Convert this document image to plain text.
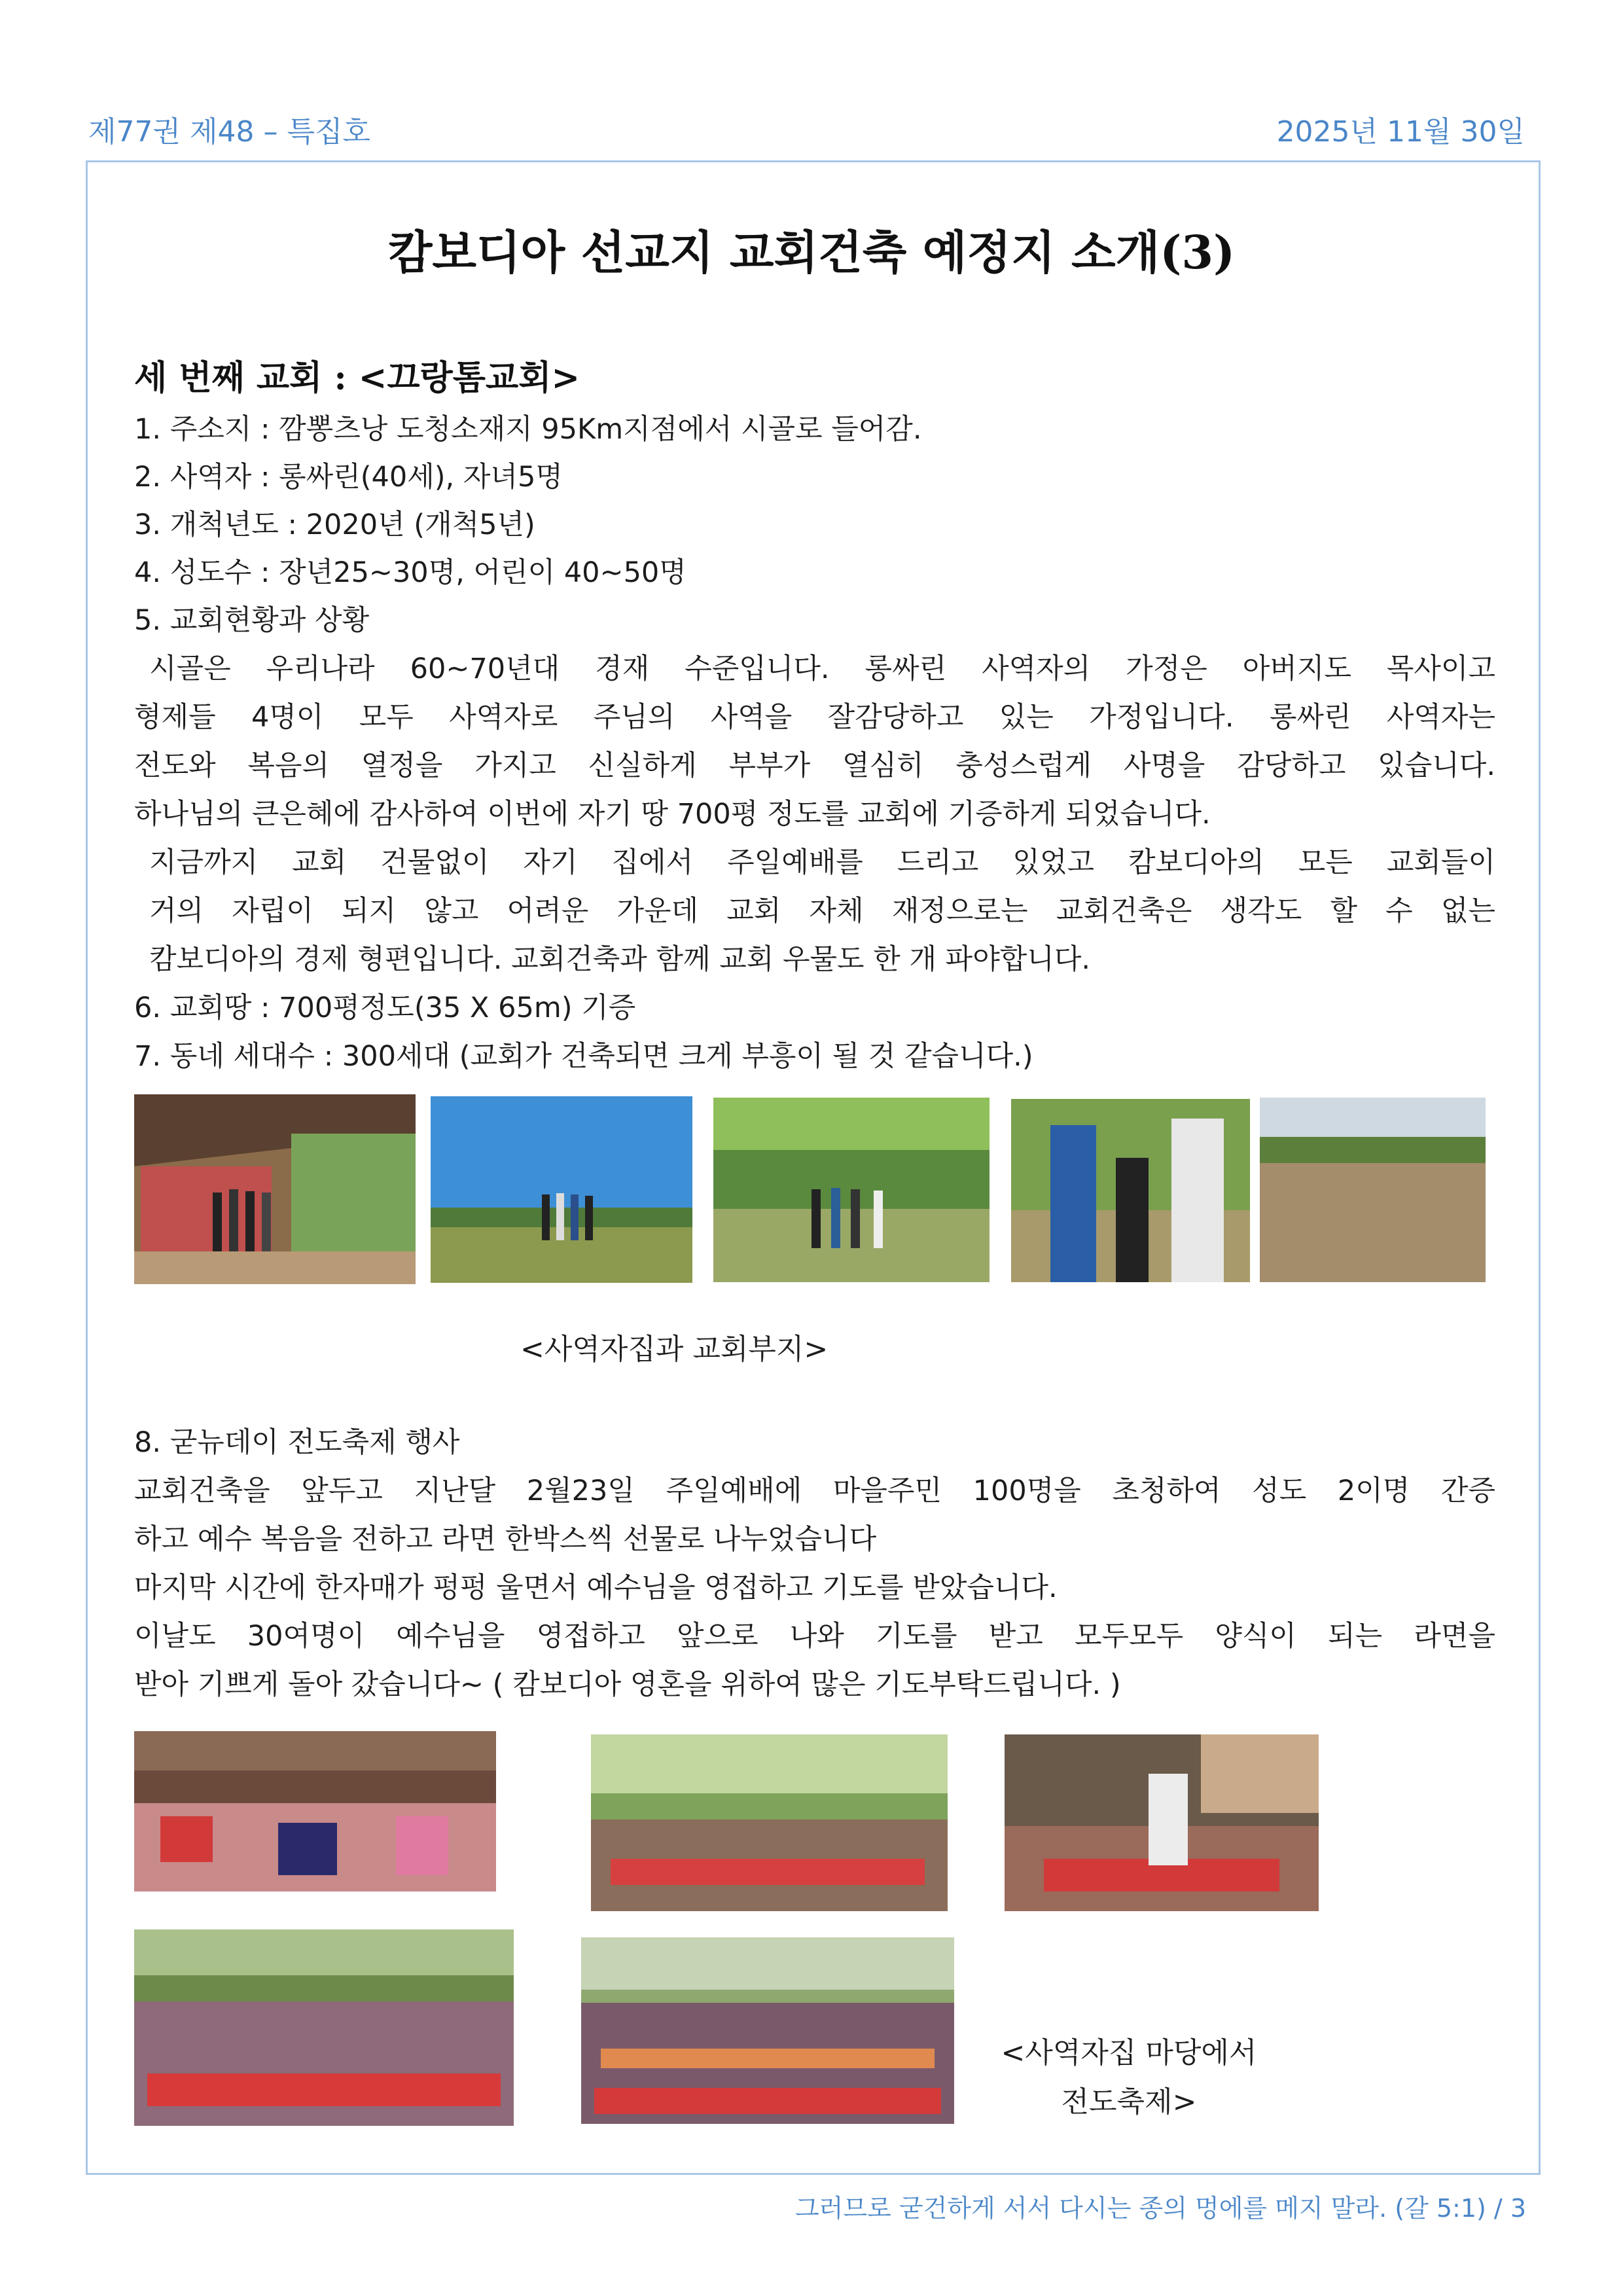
제77권 제48 – 특집호	2025년 11월 30일
캄보디아 선교지 교회건축 예정지 소개(3)
세 번째 교회 : <끄랑톰교회>
1. 주소지 : 깜뽕츠낭 도청소재지 95Km지점에서 시골로 들어감.
2. 사역자 : 롱싸린(40세), 자녀5명
3. 개척년도 : 2020년 (개척5년)
4. 성도수 : 장년25~30명, 어린이 40~50명
5. 교회현황과 상황
시골은 우리나라 60~70년대 경재 수준입니다. 롱싸린 사역자의 가정은 아버지도 목사이고
형제들 4명이 모두 사역자로 주님의 사역을 잘감당하고 있는 가정입니다. 롱싸린 사역자는
전도와 복음의 열정을 가지고 신실하게 부부가 열심히 충성스럽게 사명을 감당하고 있습니다.
하나님의 큰은혜에 감사하여 이번에 자기 땅 700평 정도를 교회에 기증하게 되었습니다.
지금까지 교회 건물없이 자기 집에서 주일예배를 드리고 있었고 캄보디아의 모든 교회들이
거의 자립이 되지 않고 어려운 가운데 교회 자체 재정으로는 교회건축은 생각도 할 수 없는
캄보디아의 경제 형편입니다. 교회건축과 함께 교회 우물도 한 개 파야합니다.
6. 교회땅 : 700평정도(35 X 65m) 기증
7. 동네 세대수 : 300세대 (교회가 건축되면 크게 부흥이 될 것 같습니다.)
<사역자집과 교회부지>
8. 굳뉴데이 전도축제 행사
교회건축을 앞두고 지난달 2월23일 주일예배에 마을주민 100명을 초청하여 성도 2이명 간증
하고 예수 복음을 전하고 라면 한박스씩 선물로 나누었습니다
마지막 시간에 한자매가 펑펑 울면서 예수님을 영접하고 기도를 받았습니다.
이날도 30여명이 예수님을 영접하고 앞으로 나와 기도를 받고 모두모두 양식이 되는 라면을
받아 기쁘게 돌아 갔습니다~ ( 캄보디아 영혼을 위하여 많은 기도부탁드립니다. )
<사역자집 마당에서
전도축제>
그러므로 굳건하게 서서 다시는 종의 멍에를 메지 말라. (갈 5:1) / 3
